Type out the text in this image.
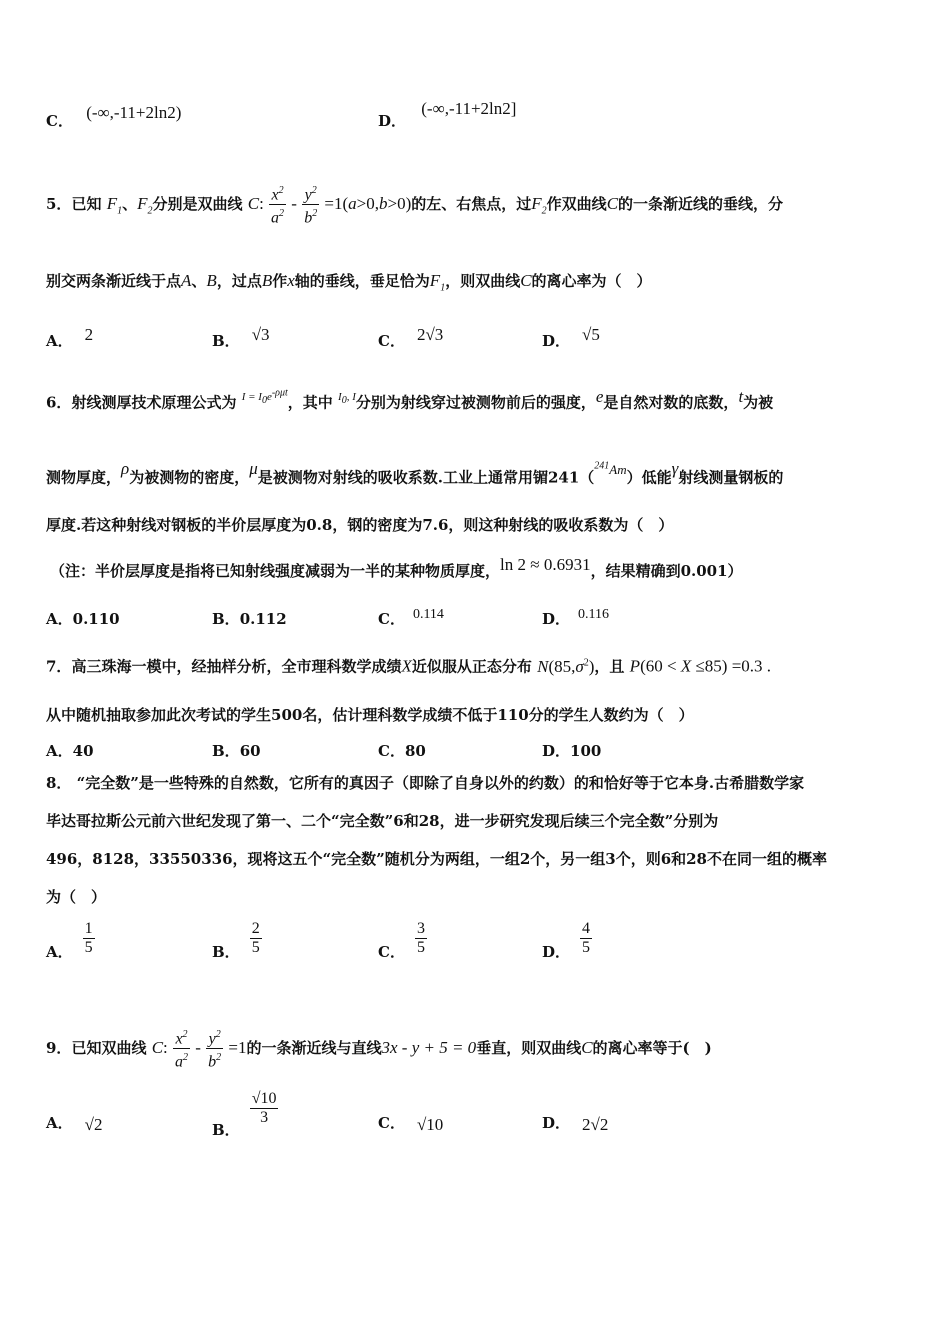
C． (-∞,-11+2ln2)	D． (-∞,-11+2ln2]
5．已知 $F_1$、$F_2$分别是双曲线 C: $\frac{x^2}{a^2} - \frac{y^2}{b^2} =1(a>0,b>0)$的左、右焦点，过$F_2$作双曲线C的一条渐近线的垂线，分
别交两条渐近线于点A、B，过点B作x轴的垂线，垂足恰为$F_1$，则双曲线C的离心率为（　）
A． 2	B． √3	C． 2√3	D． √5
6．射线测厚技术原理公式为 $^{I = I_0e^{-\rho\mu t}}$，其中 $^{I_0, I}$分别为射线穿过被测物前后的强度，e是自然对数的底数，t为被
测物厚度，ρ为被测物的密度，μ是被测物对射线的吸收系数.工业上通常用镅241（$^{241}$Am）低能γ射线测量钢板的
厚度.若这种射线对钢板的半价层厚度为0.8，钢的密度为7.6，则这种射线的吸收系数为（　）
（注：半价层厚度是指将已知射线强度减弱为一半的某种物质厚度，ln 2 ≈ 0.6931，结果精确到0.001）
A．0.110	B．0.112	C． 0.114	D． 0.116
7．高三珠海一模中，经抽样分析，全市理科数学成绩X近似服从正态分布 $N(85,\sigma^2)$，且 P(60 < X ≤85) =0.3 .
从中随机抽取参加此次考试的学生500名，估计理科数学成绩不低于110分的学生人数约为（　）
A．40	B．60	C．80	D．100
8． “完全数”是一些特殊的自然数，它所有的真因子（即除了自身以外的约数）的和恰好等于它本身.古希腊数学家
毕达哥拉斯公元前六世纪发现了第一、二个“完全数”6和28，进一步研究发现后续三个完全数”分别为
496，8128，33550336，现将这五个“完全数”随机分为两组，一组2个，另一组3个，则6和28不在同一组的概率
为（　）
A． $\frac{1}{5}$	B． $\frac{2}{5}$	C． $\frac{3}{5}$	D． $\frac{4}{5}$
9．已知双曲线 C: $\frac{x^2}{a^2} - \frac{y^2}{b^2} =1$的一条渐近线与直线3x - y + 5 = 0垂直，则双曲线C的离心率等于(　)
A． √2	B．
$\frac{√10}{3}$	C． √10	D． 2√2
